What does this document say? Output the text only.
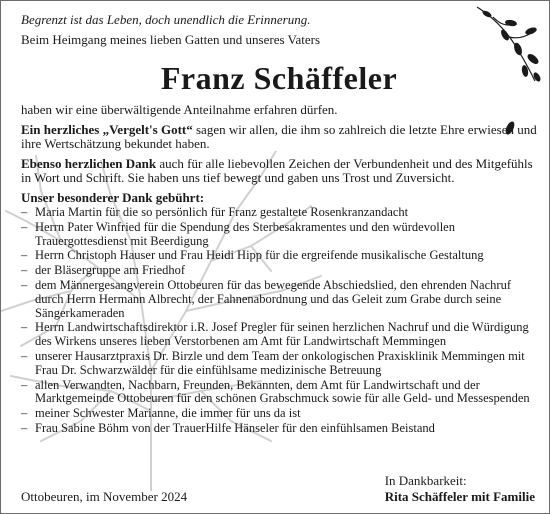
Begrenzt ist das Leben, doch unendlich die Erinnerung.

Beim Heimgang meines lieben Gatten und unseres Vaters

Franz Schäffeler

haben wir eine überwältigende Anteilnahme erfahren dürfen.

Ein herzliches „Vergelt's Gott“ sagen wir allen, die ihm so zahlreich die letzte Ehre erwiesen und ihre Wertschätzung bekundet haben.

Ebenso herzlichen Dank auch für alle liebevollen Zeichen der Verbundenheit und des Mitgefühls in Wort und Schrift. Sie haben uns tief bewegt und gaben uns Trost und Zuversicht.

Unser besonderer Dank gebührt:
– Maria Martin für die so persönlich für Franz gestaltete Rosenkranzandacht
– Herrn Pater Winfried für die Spendung des Sterbesakramentes und den würdevollen Trauergottesdienst mit Beerdigung
– Herrn Christoph Hauser und Frau Heidi Hipp für die ergreifende musikalische Gestaltung
– der Bläsergruppe am Friedhof
– dem Männergesangverein Ottobeuren für das bewegende Abschiedslied, den ehrenden Nachruf durch Herrn Hermann Albrecht, der Fahnenabordnung und das Geleit zum Grabe durch seine Sängerkameraden
– Herrn Landwirtschaftsdirektor i.R. Josef Pregler für seinen herzlichen Nachruf und die Würdigung des Wirkens unseres lieben Verstorbenen am Amt für Landwirtschaft Memmingen
– unserer Hausarztpraxis Dr. Birzle und dem Team der onkologischen Praxisklinik Memmingen mit Frau Dr. Schwarzwälder für die einfühlsame medizinische Betreuung
– allen Verwandten, Nachbarn, Freunden, Bekannten, dem Amt für Landwirtschaft und der Marktgemeinde Ottobeuren für den schönen Grabschmuck sowie für alle Geld- und Messespenden
– meiner Schwester Marianne, die immer für uns da ist
– Frau Sabine Böhm von der TrauerHilfe Hänseler für den einfühlsamen Beistand
Ottobeuren, im November 2024
In Dankbarkeit:
Rita Schäffeler mit Familie
